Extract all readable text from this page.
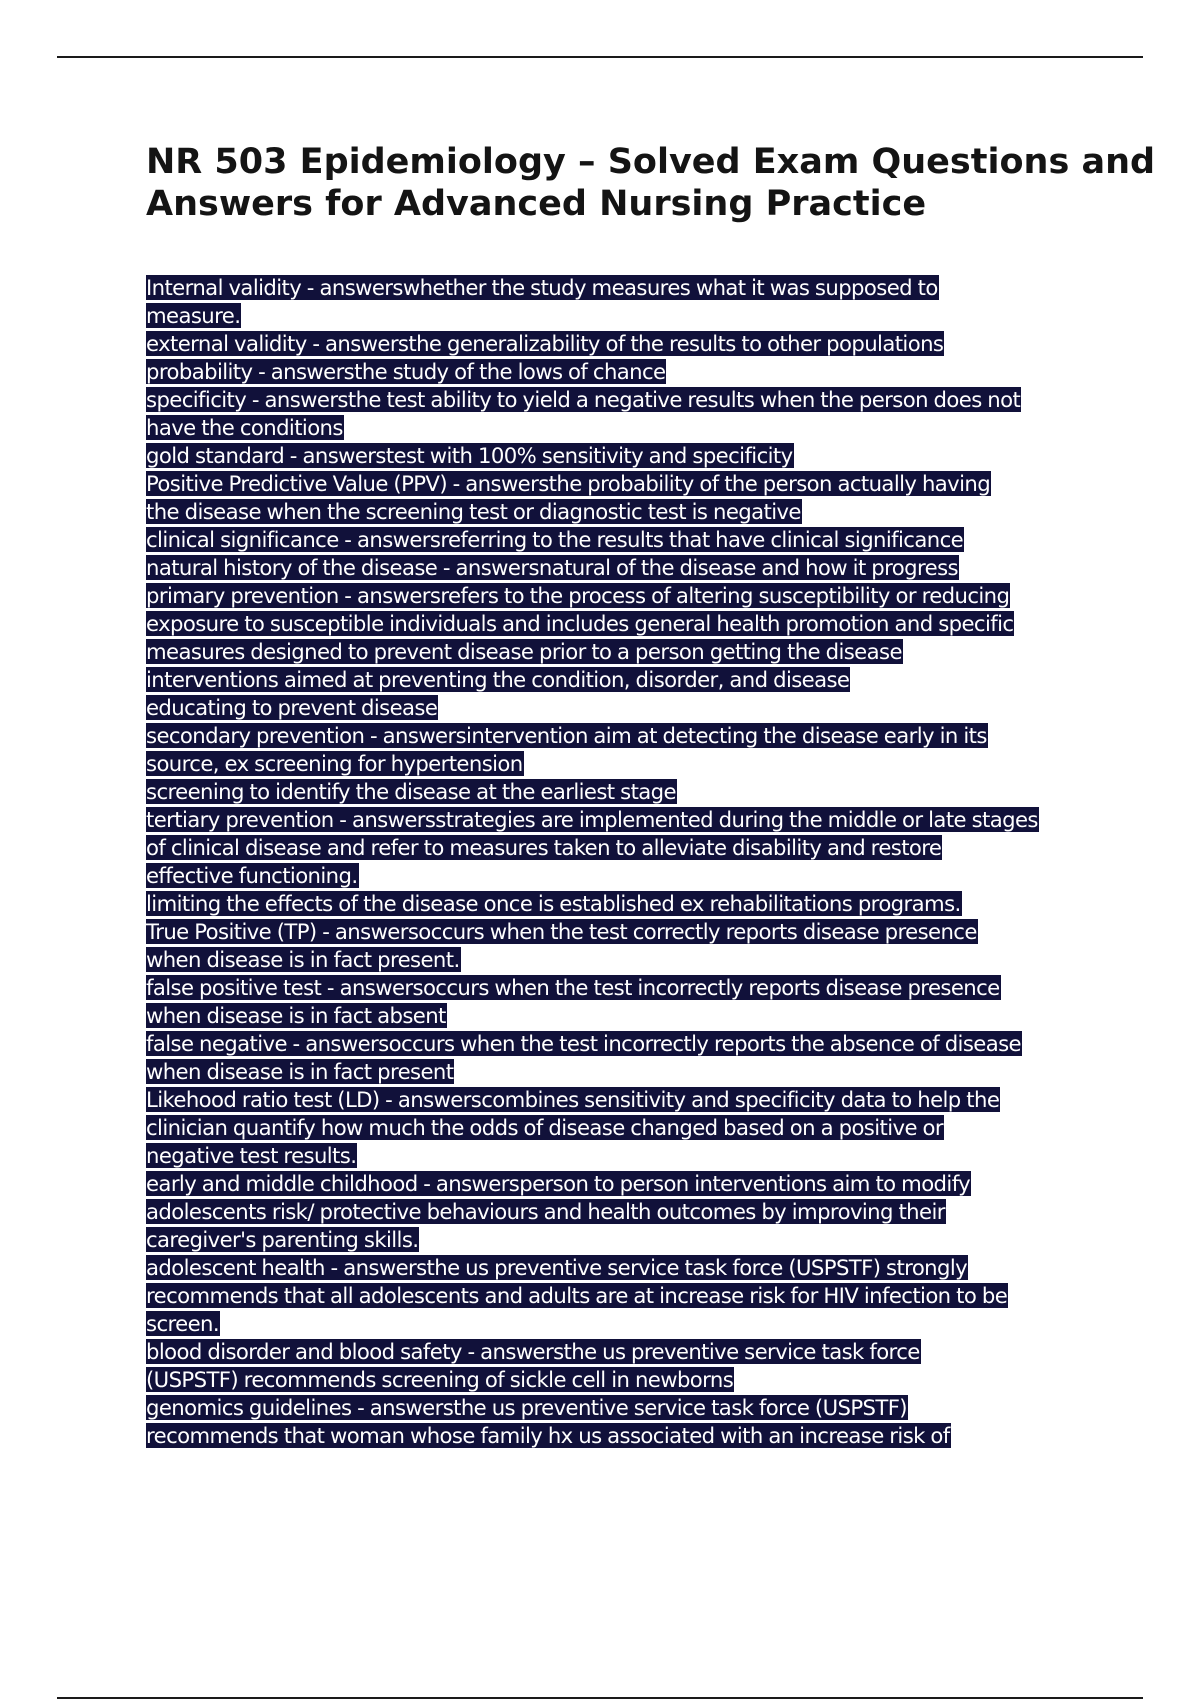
NR 503 Epidemiology – Solved Exam Questions and Answers for Advanced Nursing Practice
Internal validity - answerswhether the study measures what it was supposed to
measure.
external validity - answersthe generalizability of the results to other populations
probability - answersthe study of the lows of chance
specificity - answersthe test ability to yield a negative results when the person does not
have the conditions
gold standard - answerstest with 100% sensitivity and specificity
Positive Predictive Value (PPV) - answersthe probability of the person actually having
the disease when the screening test or diagnostic test is negative
clinical significance - answersreferring to the results that have clinical significance
natural history of the disease - answersnatural of the disease and how it progress
primary prevention - answersrefers to the process of altering susceptibility or reducing
exposure to susceptible individuals and includes general health promotion and specific
measures designed to prevent disease prior to a person getting the disease
interventions aimed at preventing the condition, disorder, and disease
educating to prevent disease
secondary prevention - answersintervention aim at detecting the disease early in its
source, ex screening for hypertension
screening to identify the disease at the earliest stage
tertiary prevention - answersstrategies are implemented during the middle or late stages
of clinical disease and refer to measures taken to alleviate disability and restore
effective functioning.
limiting the effects of the disease once is established ex rehabilitations programs.
True Positive (TP) - answersoccurs when the test correctly reports disease presence
when disease is in fact present.
false positive test - answersoccurs when the test incorrectly reports disease presence
when disease is in fact absent
false negative - answersoccurs when the test incorrectly reports the absence of disease
when disease is in fact present
Likehood ratio test (LD) - answerscombines sensitivity and specificity data to help the
clinician quantify how much the odds of disease changed based on a positive or
negative test results.
early and middle childhood - answersperson to person interventions aim to modify
adolescents risk/ protective behaviours and health outcomes by improving their
caregiver's parenting skills.
adolescent health - answersthe us preventive service task force (USPSTF) strongly
recommends that all adolescents and adults are at increase risk for HIV infection to be
screen.
blood disorder and blood safety - answersthe us preventive service task force
(USPSTF) recommends screening of sickle cell in newborns
genomics guidelines - answersthe us preventive service task force (USPSTF)
recommends that woman whose family hx us associated with an increase risk of
